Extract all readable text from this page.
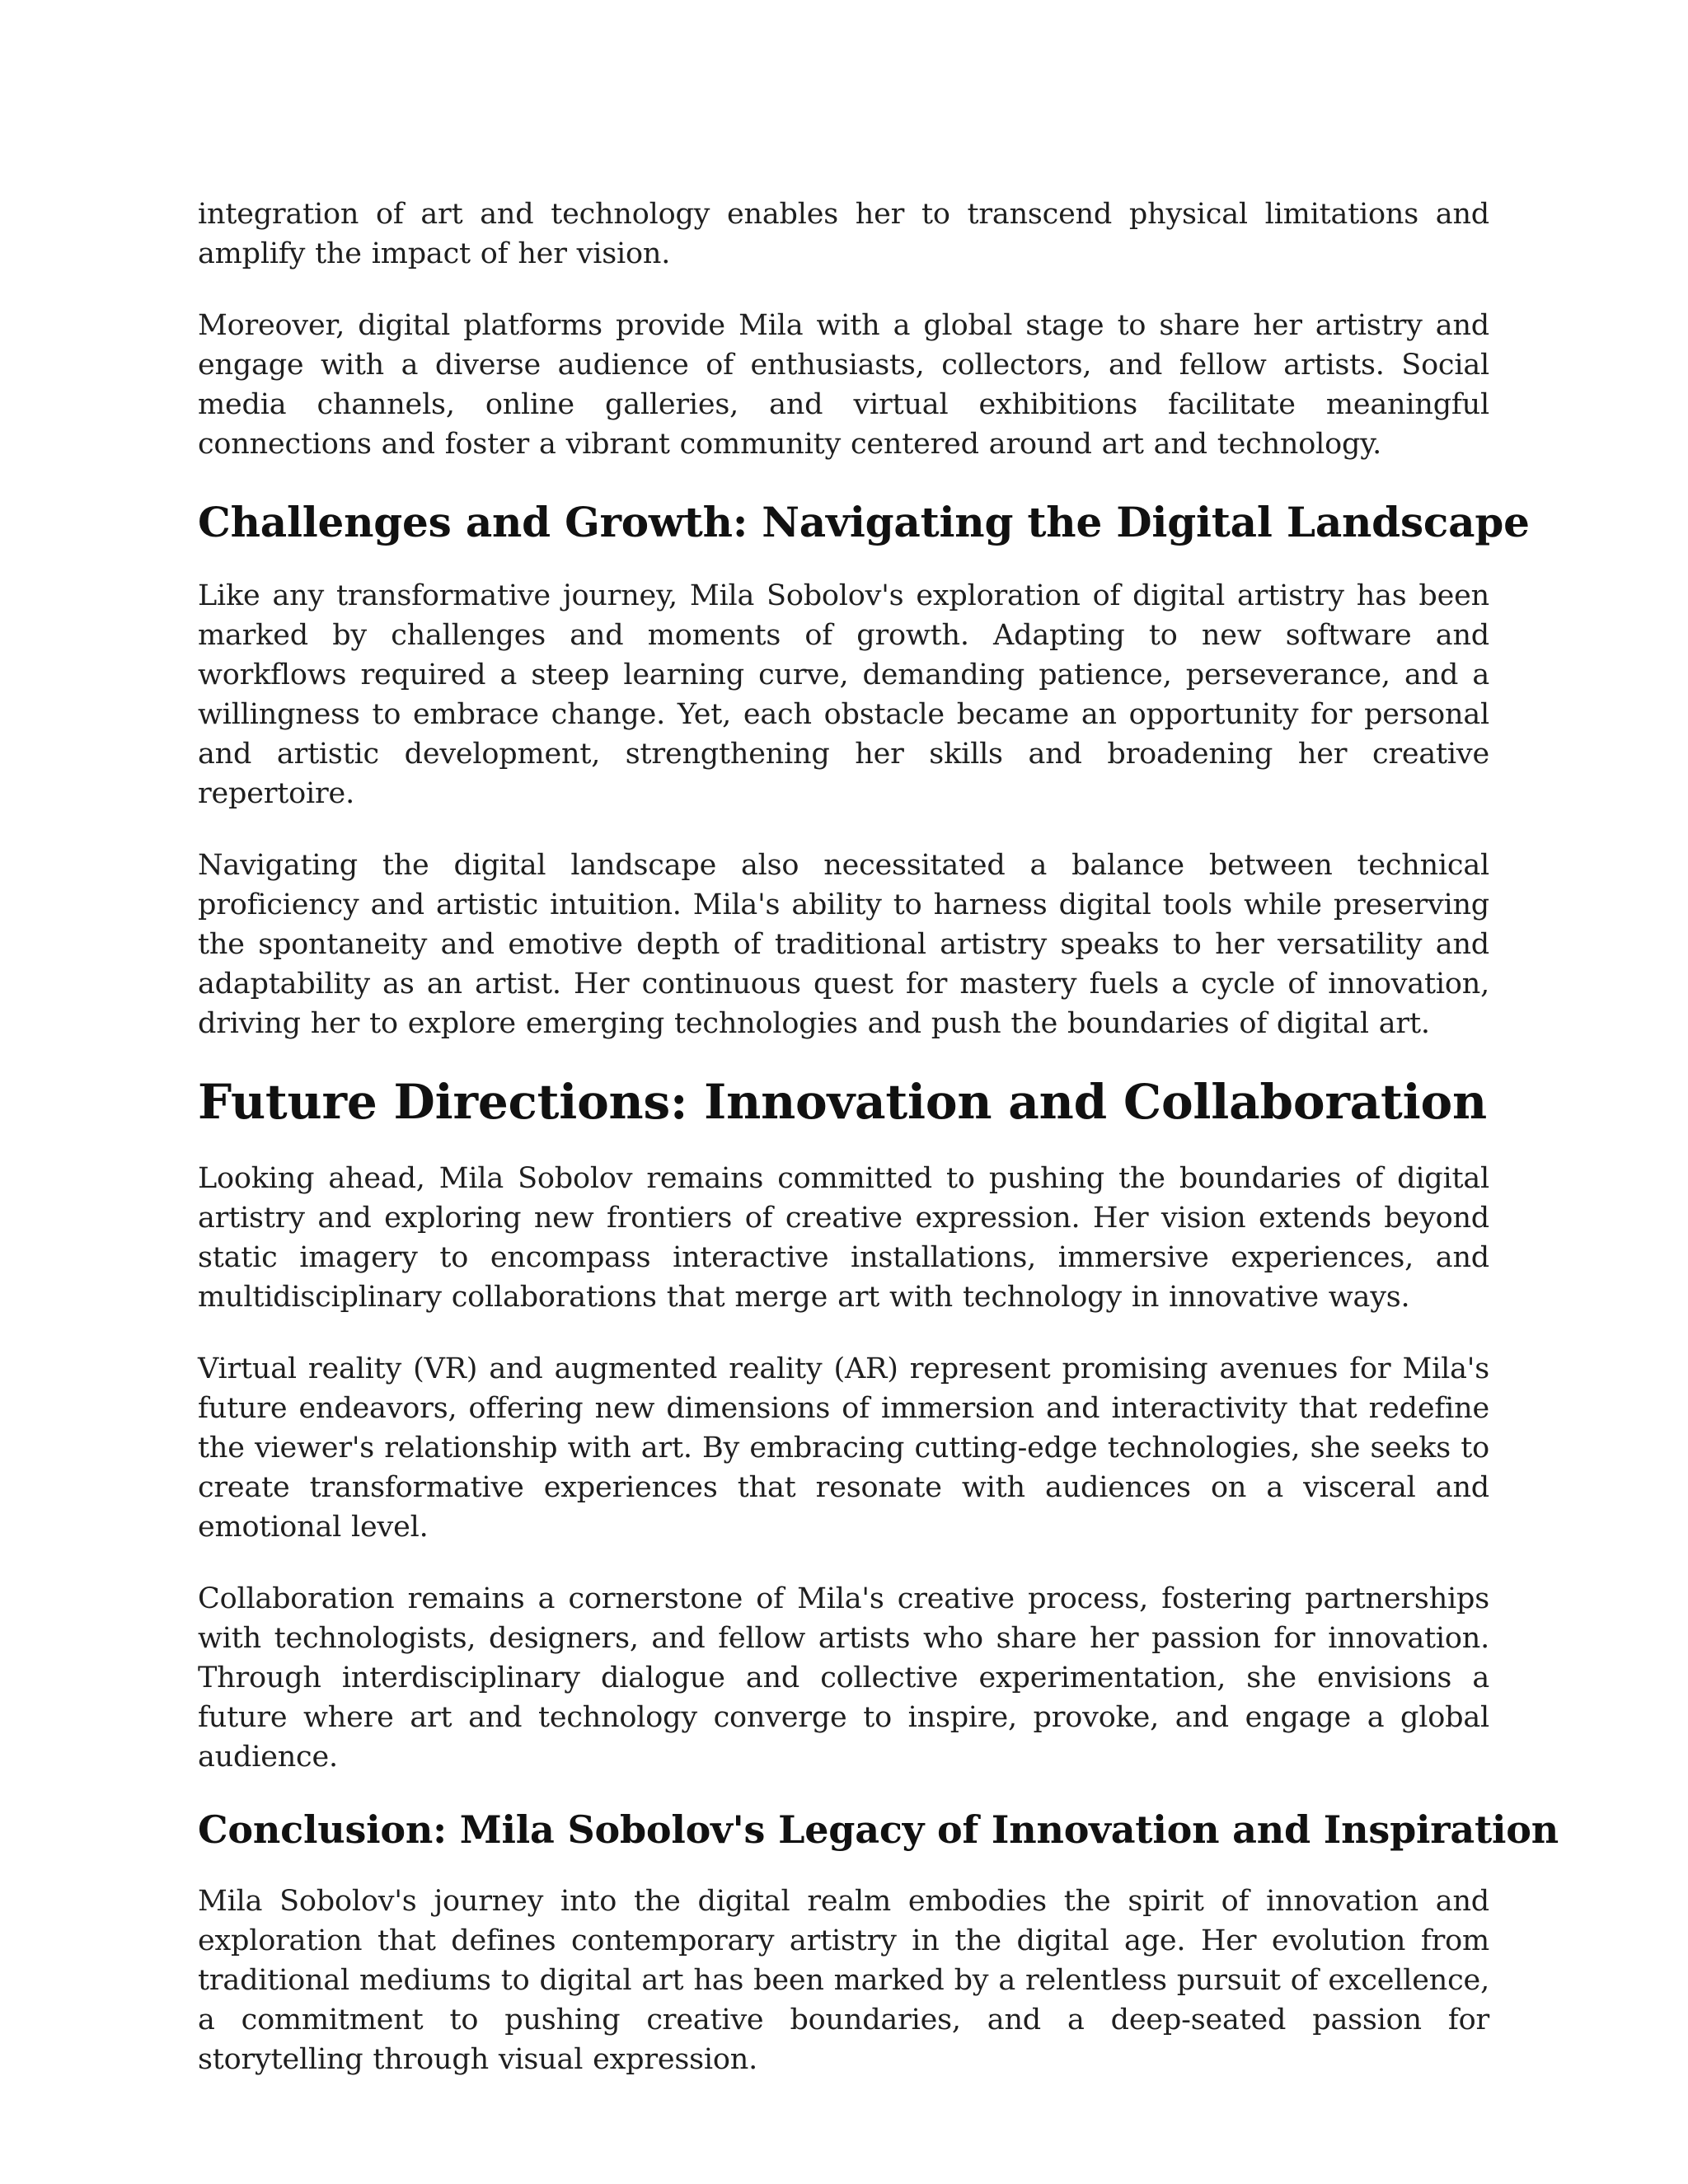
integration of art and technology enables her to transcend physical limitations and amplify the impact of her vision.

Moreover, digital platforms provide Mila with a global stage to share her artistry and engage with a diverse audience of enthusiasts, collectors, and fellow artists. Social media channels, online galleries, and virtual exhibitions facilitate meaningful connections and foster a vibrant community centered around art and technology.

Challenges and Growth: Navigating the Digital Landscape

Like any transformative journey, Mila Sobolov's exploration of digital artistry has been marked by challenges and moments of growth. Adapting to new software and workflows required a steep learning curve, demanding patience, perseverance, and a willingness to embrace change. Yet, each obstacle became an opportunity for personal and artistic development, strengthening her skills and broadening her creative repertoire.

Navigating the digital landscape also necessitated a balance between technical proficiency and artistic intuition. Mila's ability to harness digital tools while preserving the spontaneity and emotive depth of traditional artistry speaks to her versatility and adaptability as an artist. Her continuous quest for mastery fuels a cycle of innovation, driving her to explore emerging technologies and push the boundaries of digital art.

Future Directions: Innovation and Collaboration

Looking ahead, Mila Sobolov remains committed to pushing the boundaries of digital artistry and exploring new frontiers of creative expression. Her vision extends beyond static imagery to encompass interactive installations, immersive experiences, and multidisciplinary collaborations that merge art with technology in innovative ways.

Virtual reality (VR) and augmented reality (AR) represent promising avenues for Mila's future endeavors, offering new dimensions of immersion and interactivity that redefine the viewer's relationship with art. By embracing cutting-edge technologies, she seeks to create transformative experiences that resonate with audiences on a visceral and emotional level.

Collaboration remains a cornerstone of Mila's creative process, fostering partnerships with technologists, designers, and fellow artists who share her passion for innovation. Through interdisciplinary dialogue and collective experimentation, she envisions a future where art and technology converge to inspire, provoke, and engage a global audience.

Conclusion: Mila Sobolov's Legacy of Innovation and Inspiration

Mila Sobolov's journey into the digital realm embodies the spirit of innovation and exploration that defines contemporary artistry in the digital age. Her evolution from traditional mediums to digital art has been marked by a relentless pursuit of excellence, a commitment to pushing creative boundaries, and a deep-seated passion for storytelling through visual expression.
